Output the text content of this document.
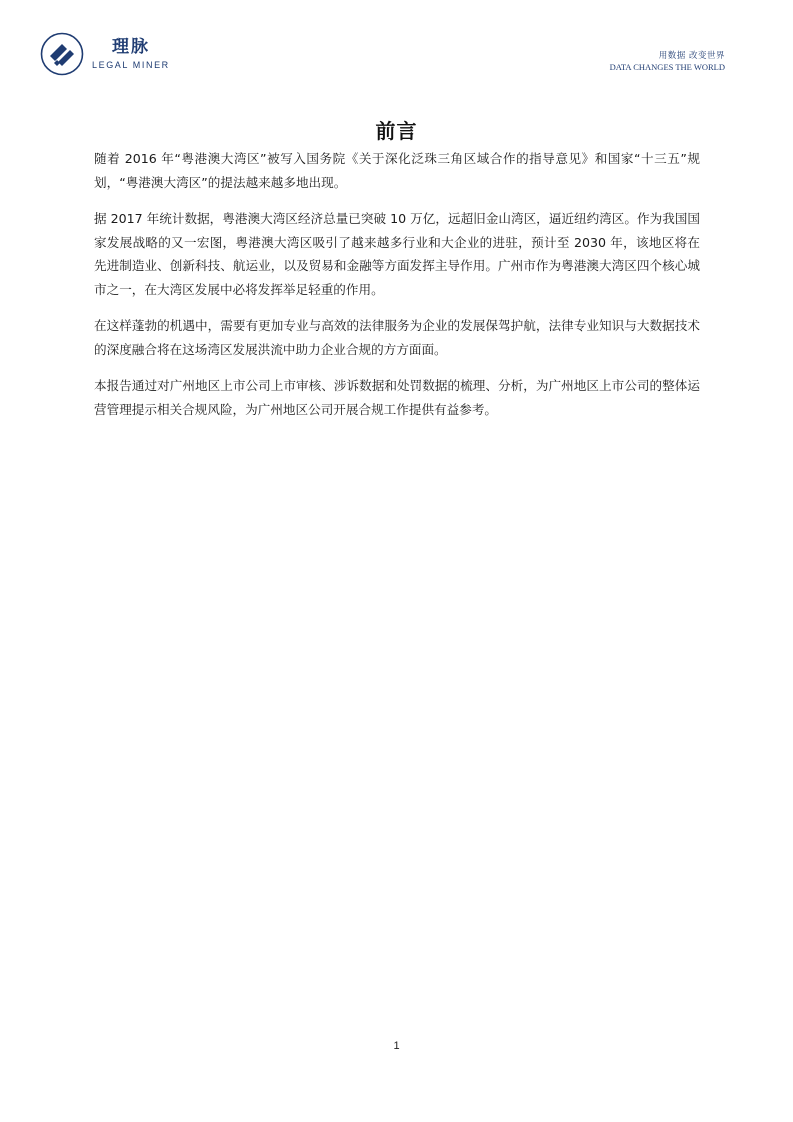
理脉
LEGAL MINER
用数据 改变世界
DATA CHANGES THE WORLD
前言

随着 2016 年“粤港澳大湾区”被写入国务院《关于深化泛珠三角区域合作的指导意见》和国家“十三五”规划，“粤港澳大湾区”的提法越来越多地出现。

据 2017 年统计数据，粤港澳大湾区经济总量已突破 10 万亿，远超旧金山湾区，逼近纽约湾区。作为我国国家发展战略的又一宏图，粤港澳大湾区吸引了越来越多行业和大企业的进驻，预计至 2030 年，该地区将在先进制造业、创新科技、航运业，以及贸易和金融等方面发挥主导作用。广州市作为粤港澳大湾区四个核心城市之一，在大湾区发展中必将发挥举足轻重的作用。

在这样蓬勃的机遇中，需要有更加专业与高效的法律服务为企业的发展保驾护航，法律专业知识与大数据技术的深度融合将在这场湾区发展洪流中助力企业合规的方方面面。

本报告通过对广州地区上市公司上市审核、涉诉数据和处罚数据的梳理、分析，为广州地区上市公司的整体运营管理提示相关合规风险，为广州地区公司开展合规工作提供有益参考。

1
